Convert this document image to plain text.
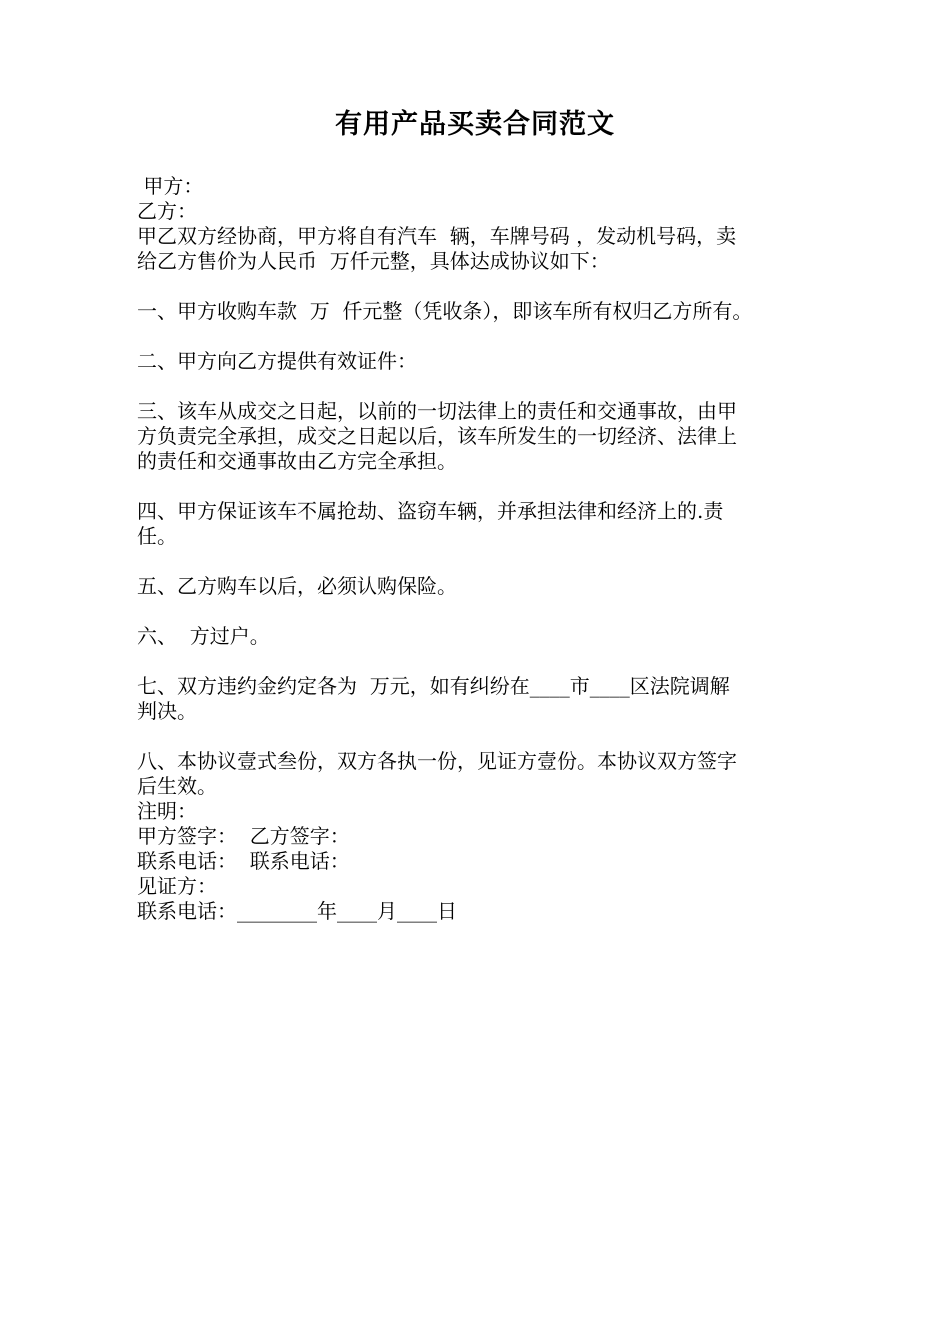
有用产品买卖合同范文
甲方：
乙方：
甲乙双方经协商，甲方将自有汽车  辆，车牌号码 ，发动机号码，卖
给乙方售价为人民币  万仟元整，具体达成协议如下：
一、甲方收购车款  万  仟元整（凭收条），即该车所有权归乙方所有。
二、甲方向乙方提供有效证件：
三、该车从成交之日起，以前的一切法律上的责任和交通事故，由甲
方负责完全承担，成交之日起以后，该车所发生的一切经济、法律上
的责任和交通事故由乙方完全承担。
四、甲方保证该车不属抢劫、盗窃车辆，并承担法律和经济上的.责
任。
五、乙方购车以后，必须认购保险。
六、  方过户。
七、双方违约金约定各为  万元，如有纠纷在____市____区法院调解
判决。
八、本协议壹式叁份，双方各执一份，见证方壹份。本协议双方签字
后生效。
注明：
甲方签字：  乙方签字：
联系电话：  联系电话：
见证方：
联系电话：________年____月____日
